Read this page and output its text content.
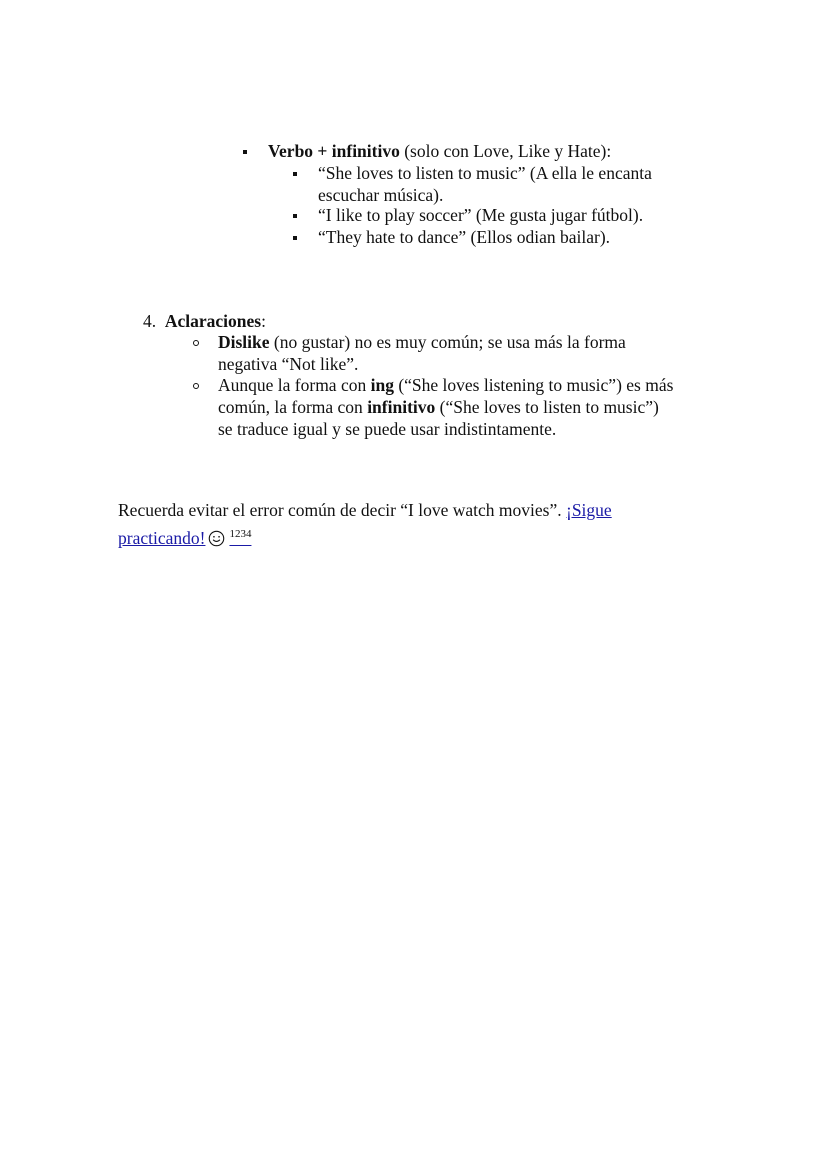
Verbo + infinitivo (solo con Love, Like y Hate):
“She loves to listen to music” (A ella le encanta
escuchar música).
“I like to play soccer” (Me gusta jugar fútbol).
“They hate to dance” (Ellos odian bailar).
4. Aclaraciones:
Dislike (no gustar) no es muy común; se usa más la forma
negativa “Not like”.
Aunque la forma con ing (“She loves listening to music”) es más
común, la forma con infinitivo (“She loves to listen to music”)
se traduce igual y se puede usar indistintamente.
Recuerda evitar el error común de decir “I love watch movies”. ¡Sigue
practicando! $^{1234}$
